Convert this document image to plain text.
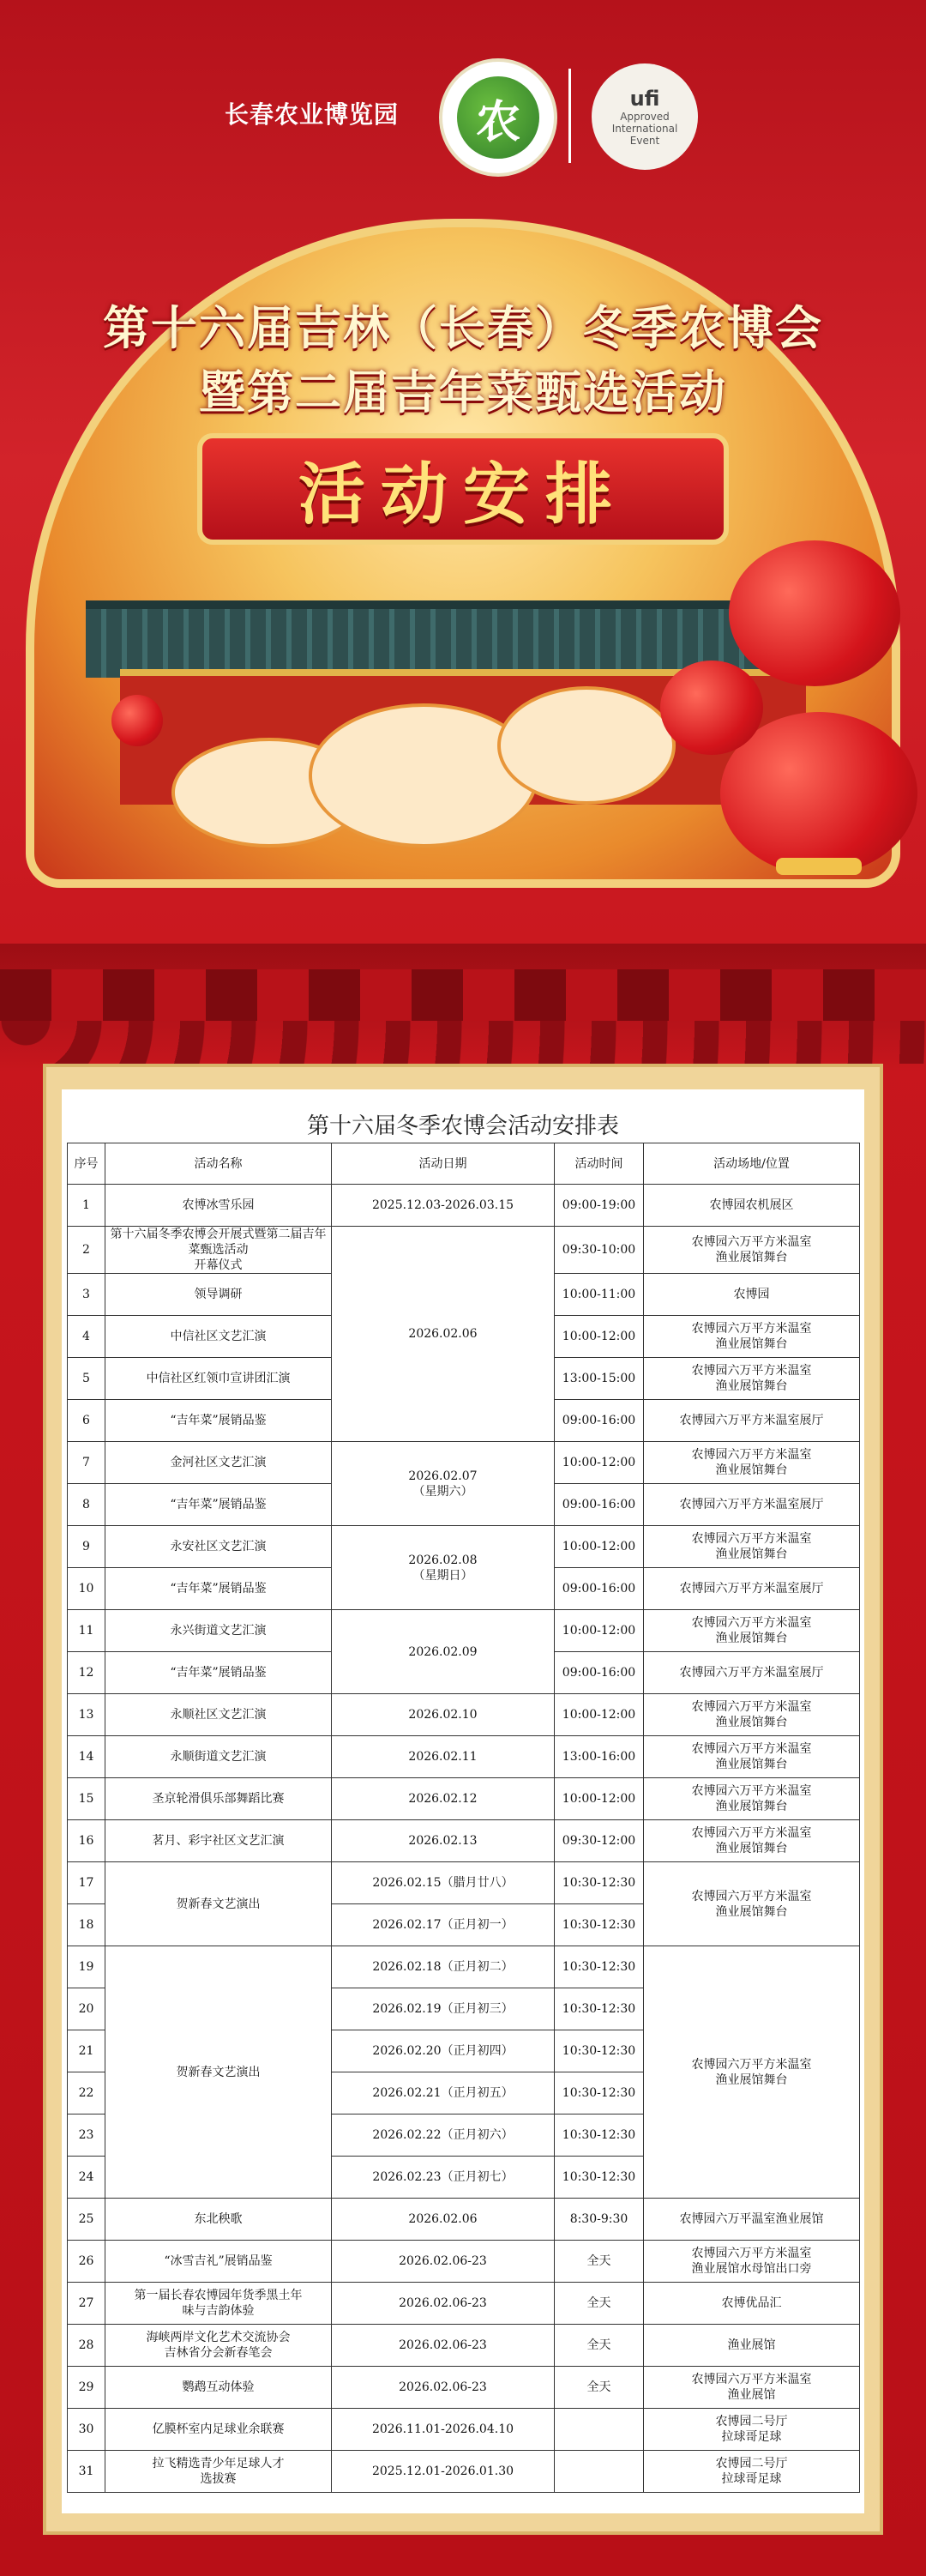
长春农业博览园	农	ufi
Approved
International
Event
第十六届吉林（长春）冬季农博会
暨第二届吉年菜甄选活动
活动安排
第十六届冬季农博会活动安排表
序号	活动名称	活动日期	活动时间	活动场地/位置
1	农博冰雪乐园	2025.12.03-2026.03.15	09:00-19:00	农博园农机展区
2	第十六届冬季农博会开展式暨第二届吉年菜甄选活动
开幕仪式	2026.02.06	09:30-10:00	农博园六万平方米温室
渔业展馆舞台
3	领导调研		10:00-11:00	农博园
4	中信社区文艺汇演		10:00-12:00	农博园六万平方米温室
渔业展馆舞台
5	中信社区红领巾宣讲团汇演		13:00-15:00	农博园六万平方米温室
渔业展馆舞台
6	“吉年菜”展销品鉴		09:00-16:00	农博园六万平方米温室展厅
7	金河社区文艺汇演	2026.02.07
（星期六）	10:00-12:00	农博园六万平方米温室
渔业展馆舞台
8	“吉年菜”展销品鉴		09:00-16:00	农博园六万平方米温室展厅
9	永安社区文艺汇演	2026.02.08
（星期日）	10:00-12:00	农博园六万平方米温室
渔业展馆舞台
10	“吉年菜”展销品鉴		09:00-16:00	农博园六万平方米温室展厅
11	永兴街道文艺汇演	2026.02.09	10:00-12:00	农博园六万平方米温室
渔业展馆舞台
12	“吉年菜”展销品鉴		09:00-16:00	农博园六万平方米温室展厅
13	永顺社区文艺汇演	2026.02.10	10:00-12:00	农博园六万平方米温室
渔业展馆舞台
14	永顺街道文艺汇演	2026.02.11	13:00-16:00	农博园六万平方米温室
渔业展馆舞台
15	圣京轮滑俱乐部舞蹈比赛	2026.02.12	10:00-12:00	农博园六万平方米温室
渔业展馆舞台
16	茗月、彩宇社区文艺汇演	2026.02.13	09:30-12:00	农博园六万平方米温室
渔业展馆舞台
17	贺新春文艺演出	2026.02.15（腊月廿八）	10:30-12:30	农博园六万平方米温室
渔业展馆舞台
18		2026.02.17（正月初一）	10:30-12:30	
19	贺新春文艺演出	2026.02.18（正月初二）	10:30-12:30	农博园六万平方米温室
渔业展馆舞台
20		2026.02.19（正月初三）	10:30-12:30	
21		2026.02.20（正月初四）	10:30-12:30	
22		2026.02.21（正月初五）	10:30-12:30	
23		2026.02.22（正月初六）	10:30-12:30	
24		2026.02.23（正月初七）	10:30-12:30	
25	东北秧歌	2026.02.06	8:30-9:30	农博园六万平温室渔业展馆
26	“冰雪吉礼”展销品鉴	2026.02.06-23	全天	农博园六万平方米温室
渔业展馆水母馆出口旁
27	第一届长春农博园年货季黑土年
味与吉韵体验	2026.02.06-23	全天	农博优品汇
28	海峡两岸文化艺术交流协会
吉林省分会新春笔会	2026.02.06-23	全天	渔业展馆
29	鹦鹉互动体验	2026.02.06-23	全天	农博园六万平方米温室
渔业展馆
30	亿膜杯室内足球业余联赛	2026.11.01-2026.04.10		农博园二号厅
拉球哥足球
31	拉飞精选青少年足球人才
选拔赛	2025.12.01-2026.01.30		农博园二号厅
拉球哥足球
